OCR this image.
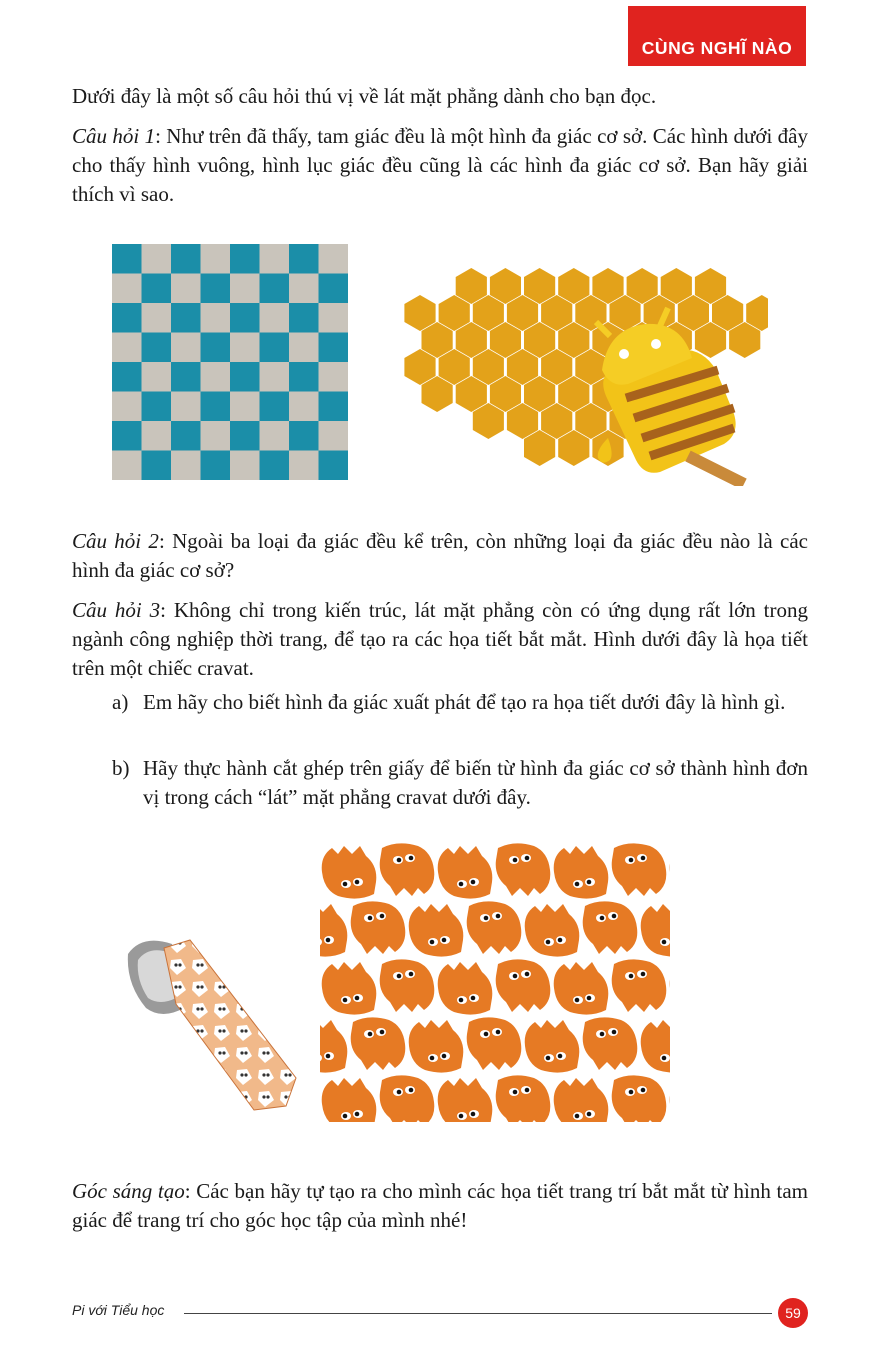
CÙNG NGHĨ NÀO

Dưới đây là một số câu hỏi thú vị về lát mặt phẳng dành cho bạn đọc.

Câu hỏi 1: Như trên đã thấy, tam giác đều là một hình đa giác cơ sở. Các hình dưới đây cho thấy hình vuông, hình lục giác đều cũng là các hình đa giác cơ sở. Bạn hãy giải thích vì sao.

Câu hỏi 2: Ngoài ba loại đa giác đều kể trên, còn những loại đa giác đều nào là các hình đa giác cơ sở?

Câu hỏi 3: Không chỉ trong kiến trúc, lát mặt phẳng còn có ứng dụng rất lớn trong ngành công nghiệp thời trang, để tạo ra các họa tiết bắt mắt. Hình dưới đây là họa tiết trên một chiếc cravat.

a) Em hãy cho biết hình đa giác xuất phát để tạo ra họa tiết dưới đây là hình gì.
b) Hãy thực hành cắt ghép trên giấy để biến từ hình đa giác cơ sở thành hình đơn vị trong cách “lát” mặt phẳng cravat dưới đây.

Góc sáng tạo: Các bạn hãy tự tạo ra cho mình các họa tiết trang trí bắt mắt từ hình tam giác để trang trí cho góc học tập của mình nhé!

Pi với Tiểu học	59
